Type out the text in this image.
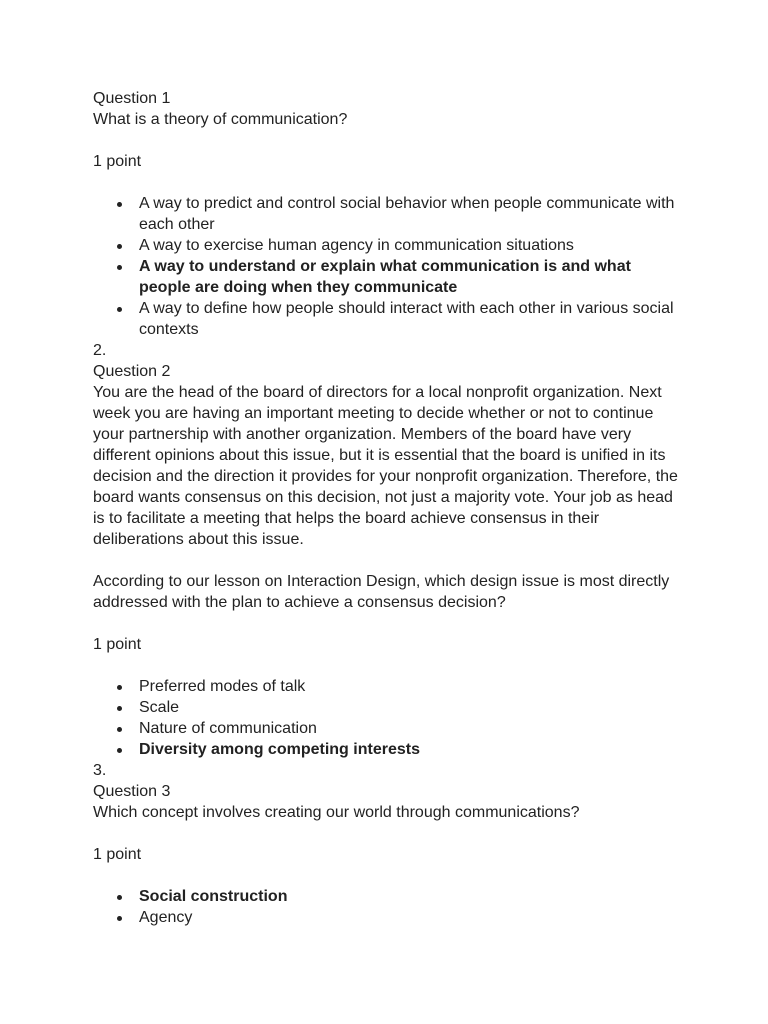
Question 1
What is a theory of communication?
1 point
A way to predict and control social behavior when people communicate with each other
A way to exercise human agency in communication situations
A way to understand or explain what communication is and what people are doing when they communicate
A way to define how people should interact with each other in various social contexts
2.
Question 2
You are the head of the board of directors for a local nonprofit organization. Next week you are having an important meeting to decide whether or not to continue your partnership with another organization. Members of the board have very different opinions about this issue, but it is essential that the board is unified in its decision and the direction it provides for your nonprofit organization. Therefore, the board wants consensus on this decision, not just a majority vote. Your job as head is to facilitate a meeting that helps the board achieve consensus in their deliberations about this issue.
According to our lesson on Interaction Design, which design issue is most directly addressed with the plan to achieve a consensus decision?
1 point
Preferred modes of talk
Scale
Nature of communication
Diversity among competing interests
3.
Question 3
Which concept involves creating our world through communications?
1 point
Social construction
Agency
